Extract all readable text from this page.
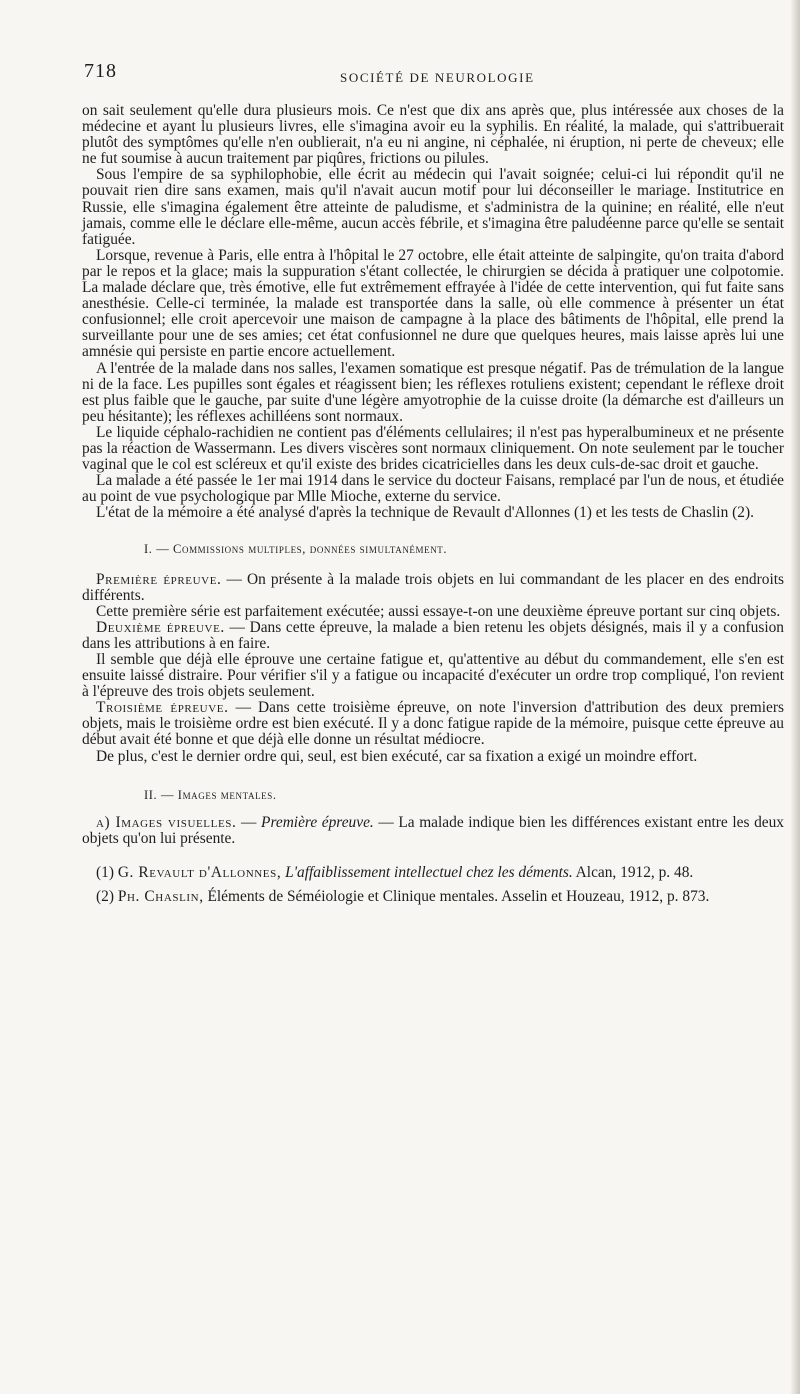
718	SOCIÉTÉ DE NEUROLOGIE

on sait seulement qu'elle dura plusieurs mois. Ce n'est que dix ans après que, plus intéressée aux choses de la médecine et ayant lu plusieurs livres, elle s'imagina avoir eu la syphilis. En réalité, la malade, qui s'attribuerait plutôt des symptômes qu'elle n'en oublierait, n'a eu ni angine, ni céphalée, ni éruption, ni perte de cheveux; elle ne fut soumise à aucun traitement par piqûres, frictions ou pilules.

Sous l'empire de sa syphilophobie, elle écrit au médecin qui l'avait soignée; celui-ci lui répondit qu'il ne pouvait rien dire sans examen, mais qu'il n'avait aucun motif pour lui déconseiller le mariage. Institutrice en Russie, elle s'imagina également être atteinte de paludisme, et s'administra de la quinine; en réalité, elle n'eut jamais, comme elle le déclare elle-même, aucun accès fébrile, et s'imagina être paludéenne parce qu'elle se sentait fatiguée.

Lorsque, revenue à Paris, elle entra à l'hôpital le 27 octobre, elle était atteinte de salpingite, qu'on traita d'abord par le repos et la glace; mais la suppuration s'étant collectée, le chirurgien se décida à pratiquer une colpotomie. La malade déclare que, très émotive, elle fut extrêmement effrayée à l'idée de cette intervention, qui fut faite sans anesthésie. Celle-ci terminée, la malade est transportée dans la salle, où elle commence à présenter un état confusionnel; elle croit apercevoir une maison de campagne à la place des bâtiments de l'hôpital, elle prend la surveillante pour une de ses amies; cet état confusionnel ne dure que quelques heures, mais laisse après lui une amnésie qui persiste en partie encore actuellement.

A l'entrée de la malade dans nos salles, l'examen somatique est presque négatif. Pas de trémulation de la langue ni de la face. Les pupilles sont égales et réagissent bien; les réflexes rotuliens existent; cependant le réflexe droit est plus faible que le gauche, par suite d'une légère amyotrophie de la cuisse droite (la démarche est d'ailleurs un peu hésitante); les réflexes achilléens sont normaux.

Le liquide céphalo-rachidien ne contient pas d'éléments cellulaires; il n'est pas hyperalbumineux et ne présente pas la réaction de Wassermann. Les divers viscères sont normaux cliniquement. On note seulement par le toucher vaginal que le col est scléreux et qu'il existe des brides cicatricielles dans les deux culs-de-sac droit et gauche.

La malade a été passée le 1er mai 1914 dans le service du docteur Faisans, remplacé par l'un de nous, et étudiée au point de vue psychologique par Mlle Mioche, externe du service.

L'état de la mémoire a été analysé d'après la technique de Revault d'Allonnes (1) et les tests de Chaslin (2).

I. — Commissions multiples, données simultanément.

Première épreuve. — On présente à la malade trois objets en lui commandant de les placer en des endroits différents.

Cette première série est parfaitement exécutée; aussi essaye-t-on une deuxième épreuve portant sur cinq objets.

Deuxième épreuve. — Dans cette épreuve, la malade a bien retenu les objets désignés, mais il y a confusion dans les attributions à en faire.

Il semble que déjà elle éprouve une certaine fatigue et, qu'attentive au début du commandement, elle s'en est ensuite laissé distraire. Pour vérifier s'il y a fatigue ou incapacité d'exécuter un ordre trop compliqué, l'on revient à l'épreuve des trois objets seulement.

Troisième épreuve. — Dans cette troisième épreuve, on note l'inversion d'attribution des deux premiers objets, mais le troisième ordre est bien exécuté. Il y a donc fatigue rapide de la mémoire, puisque cette épreuve au début avait été bonne et que déjà elle donne un résultat médiocre.

De plus, c'est le dernier ordre qui, seul, est bien exécuté, car sa fixation a exigé un moindre effort.

II. — Images mentales.

a) Images visuelles. — Première épreuve. — La malade indique bien les différences existant entre les deux objets qu'on lui présente.

(1) G. Revault d'Allonnes, L'affaiblissement intellectuel chez les déments. Alcan, 1912, p. 48.

(2) Ph. Chaslin, Éléments de Séméiologie et Clinique mentales. Asselin et Houzeau, 1912, p. 873.
